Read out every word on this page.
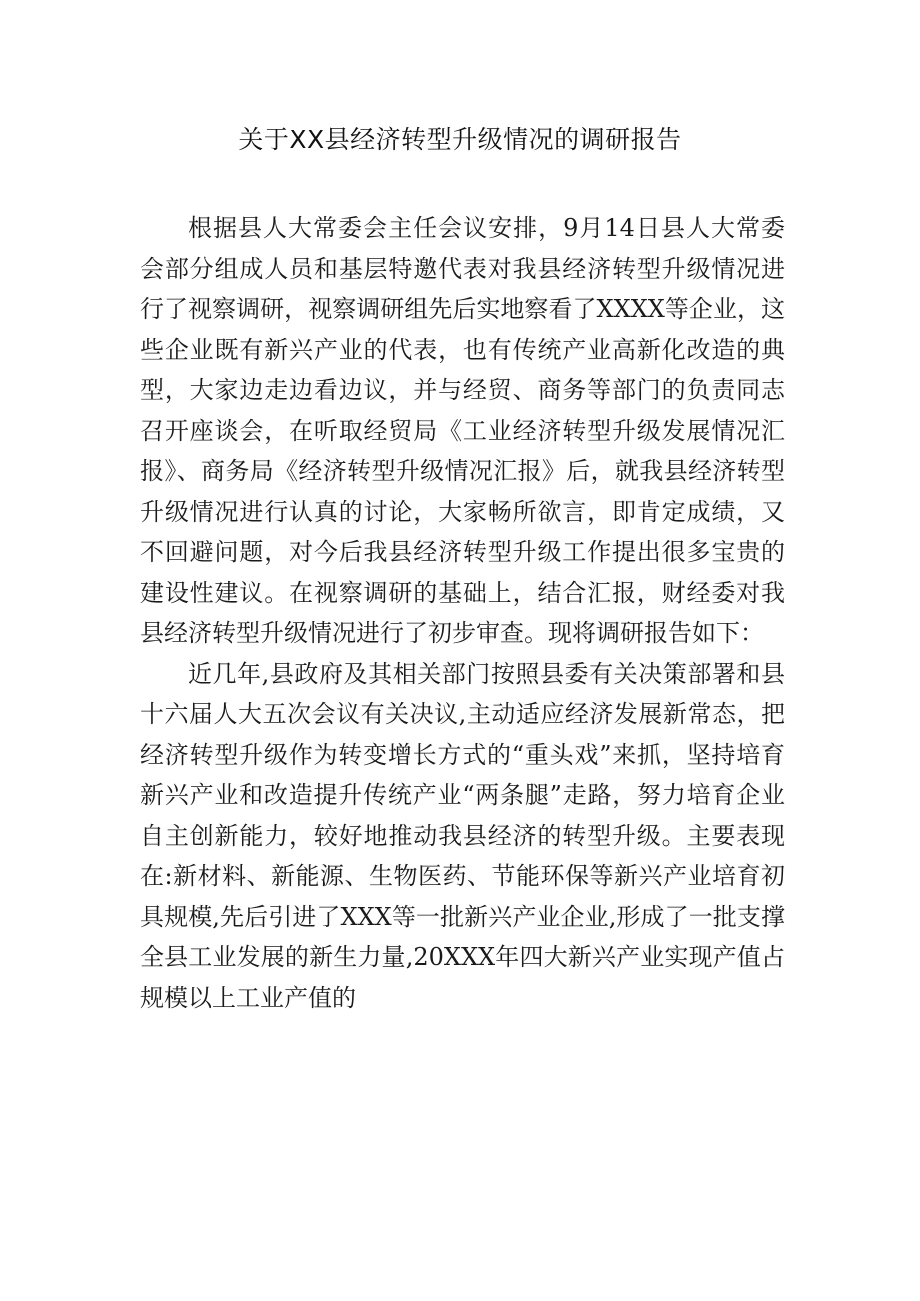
关于XX县经济转型升级情况的调研报告

根据县人大常委会主任会议安排，9月14日县人大常委会部分组成人员和基层特邀代表对我县经济转型升级情况进行了视察调研，视察调研组先后实地察看了XXXX等企业，这些企业既有新兴产业的代表，也有传统产业高新化改造的典型，大家边走边看边议，并与经贸、商务等部门的负责同志召开座谈会，在听取经贸局《工业经济转型升级发展情况汇报》、商务局《经济转型升级情况汇报》后，就我县经济转型升级情况进行认真的讨论，大家畅所欲言，即肯定成绩，又不回避问题，对今后我县经济转型升级工作提出很多宝贵的建设性建议。在视察调研的基础上，结合汇报，财经委对我县经济转型升级情况进行了初步审查。现将调研报告如下：

近几年,县政府及其相关部门按照县委有关决策部署和县十六届人大五次会议有关决议,主动适应经济发展新常态，把经济转型升级作为转变增长方式的“重头戏”来抓，坚持培育新兴产业和改造提升传统产业“两条腿”走路，努力培育企业自主创新能力，较好地推动我县经济的转型升级。主要表现在:新材料、新能源、生物医药、节能环保等新兴产业培育初具规模,先后引进了XXX等一批新兴产业企业,形成了一批支撑全县工业发展的新生力量,20XXX年四大新兴产业实现产值占规模以上工业产值的
